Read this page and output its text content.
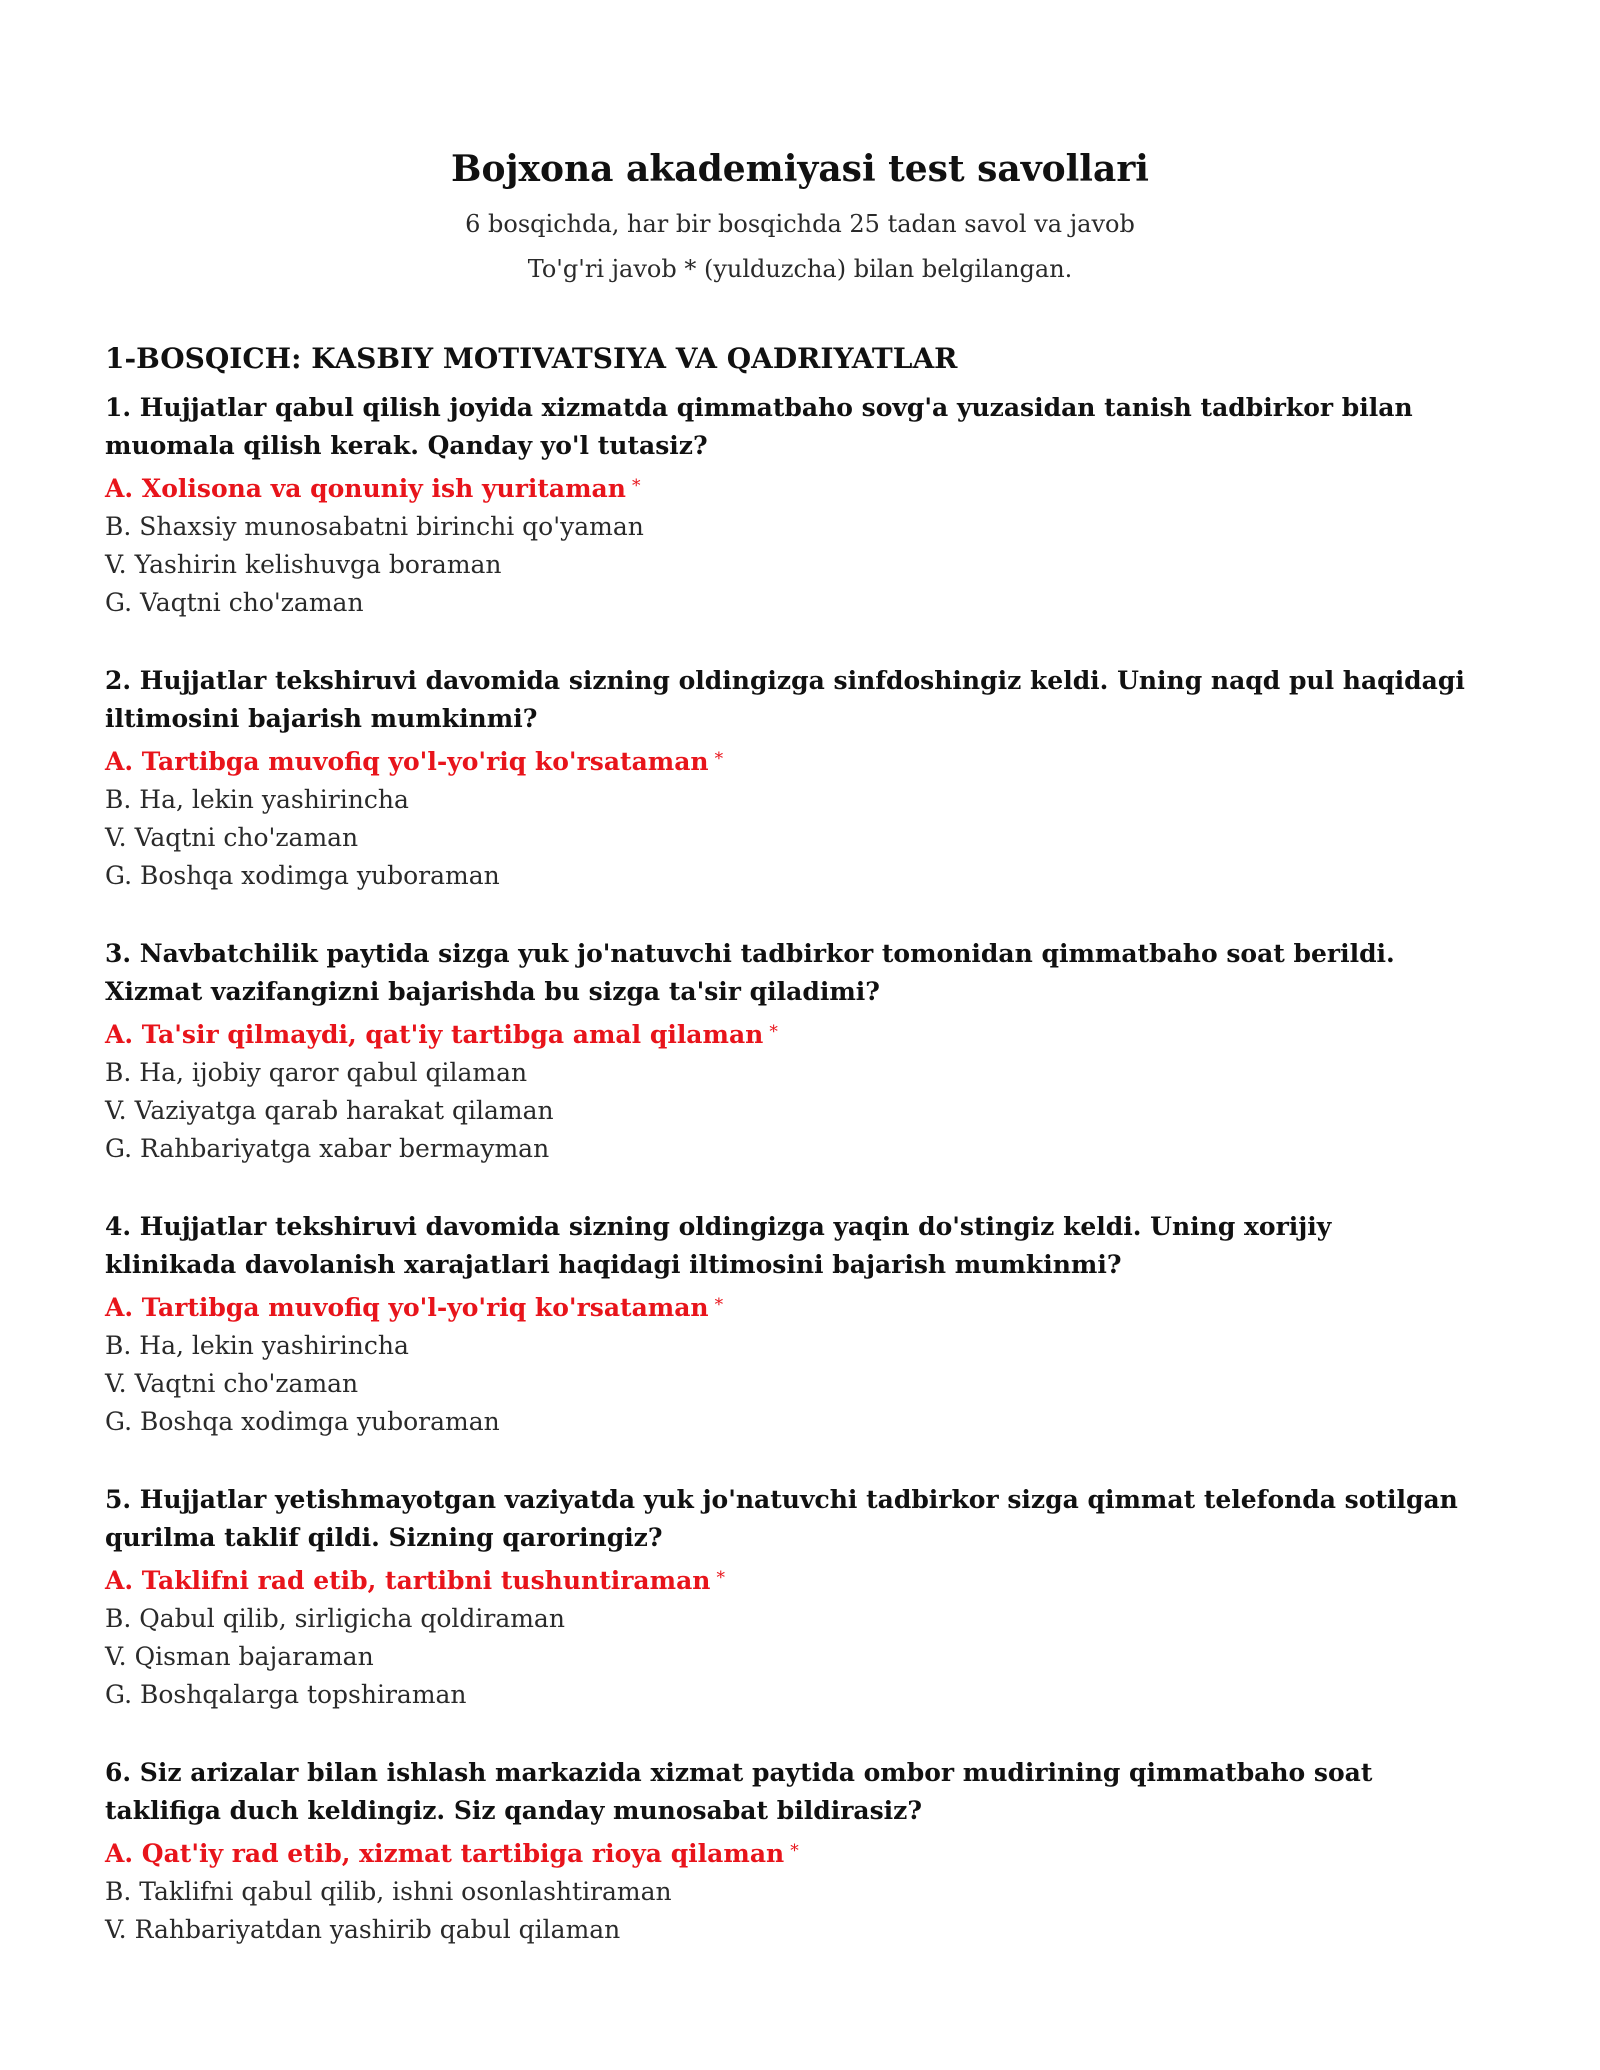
Bojxona akademiyasi test savollari
6 bosqichda, har bir bosqichda 25 tadan savol va javob
To'g'ri javob * (yulduzcha) bilan belgilangan.
1-BOSQICH: KASBIY MOTIVATSIYA VA QADRIYATLAR
1. Hujjatlar qabul qilish joyida xizmatda qimmatbaho sovg'a yuzasidan tanish tadbirkor bilan muomala qilish kerak. Qanday yo'l tutasiz?
A. Xolisona va qonuniy ish yuritaman *
B. Shaxsiy munosabatni birinchi qo'yaman
V. Yashirin kelishuvga boraman
G. Vaqtni cho'zaman
2. Hujjatlar tekshiruvi davomida sizning oldingizga sinfdoshingiz keldi. Uning naqd pul haqidagi iltimosini bajarish mumkinmi?
A. Tartibga muvofiq yo'l-yo'riq ko'rsataman *
B. Ha, lekin yashirincha
V. Vaqtni cho'zaman
G. Boshqa xodimga yuboraman
3. Navbatchilik paytida sizga yuk jo'natuvchi tadbirkor tomonidan qimmatbaho soat berildi. Xizmat vazifangizni bajarishda bu sizga ta'sir qiladimi?
A. Ta'sir qilmaydi, qat'iy tartibga amal qilaman *
B. Ha, ijobiy qaror qabul qilaman
V. Vaziyatga qarab harakat qilaman
G. Rahbariyatga xabar bermayman
4. Hujjatlar tekshiruvi davomida sizning oldingizga yaqin do'stingiz keldi. Uning xorijiy klinikada davolanish xarajatlari haqidagi iltimosini bajarish mumkinmi?
A. Tartibga muvofiq yo'l-yo'riq ko'rsataman *
B. Ha, lekin yashirincha
V. Vaqtni cho'zaman
G. Boshqa xodimga yuboraman
5. Hujjatlar yetishmayotgan vaziyatda yuk jo'natuvchi tadbirkor sizga qimmat telefonda sotilgan qurilma taklif qildi. Sizning qaroringiz?
A. Taklifni rad etib, tartibni tushuntiraman *
B. Qabul qilib, sirligicha qoldiraman
V. Qisman bajaraman
G. Boshqalarga topshiraman
6. Siz arizalar bilan ishlash markazida xizmat paytida ombor mudirining qimmatbaho soat taklifiga duch keldingiz. Siz qanday munosabat bildirasiz?
A. Qat'iy rad etib, xizmat tartibiga rioya qilaman *
B. Taklifni qabul qilib, ishni osonlashtiraman
V. Rahbariyatdan yashirib qabul qilaman
